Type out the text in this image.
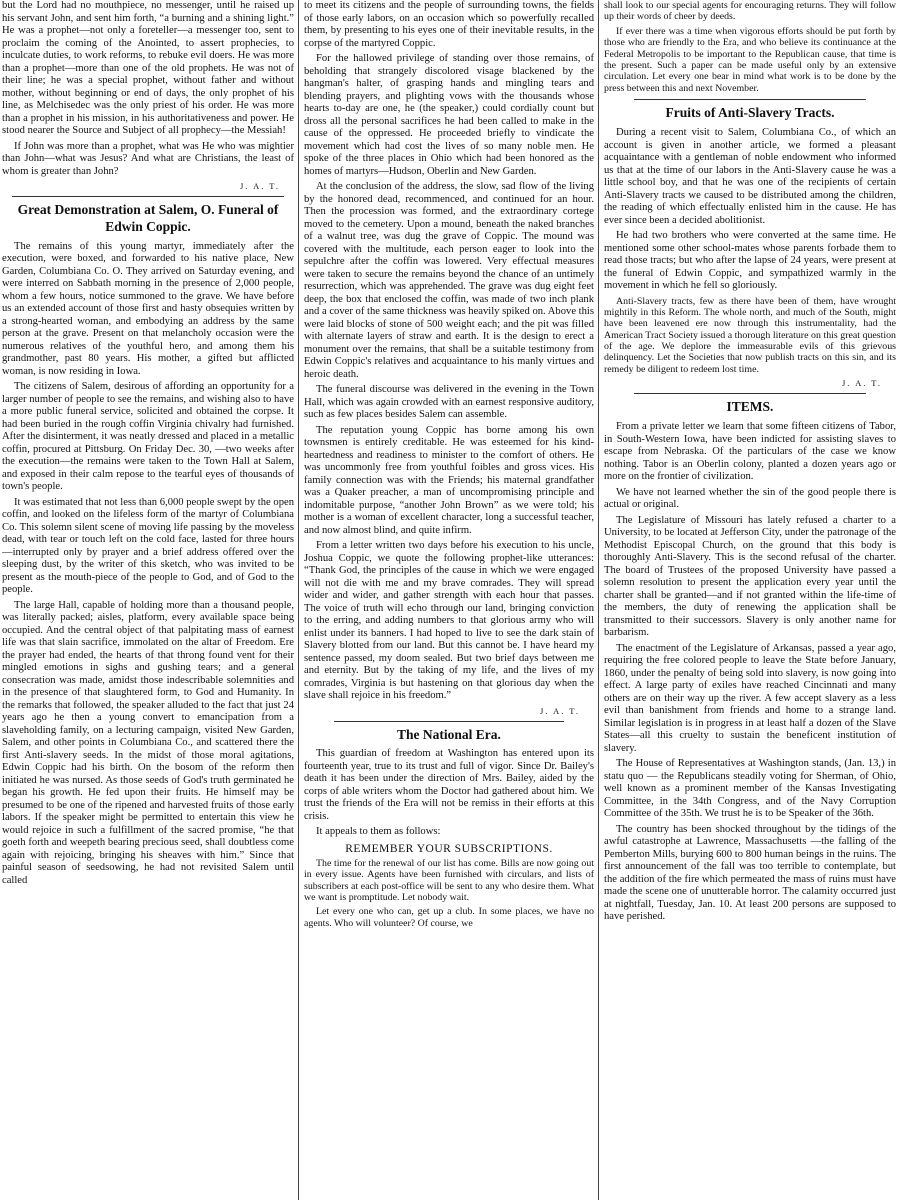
but the Lord had no mouthpiece, no messenger, until he raised up his servant John, and sent him forth, “a burning and a shining light.” He was a prophet—not only a foreteller—a messenger too, sent to proclaim the coming of the Anointed, to assert prophecies, to inculcate duties, to work reforms, to rebuke evil doers. He was more than a prophet—more than one of the old prophets. He was not of their line; he was a special prophet, without father and without mother, without beginning or end of days, the only prophet of his line, as Melchisedec was the only priest of his order. He was more than a prophet in his mission, in his authoritativeness and power. He stood nearer the Source and Subject of all prophecy—the Messiah!

If John was more than a prophet, what was He who was mightier than John—what was Jesus? And what are Christians, the least of whom is greater than John?

J. A. T.
Great Demonstration at Salem, O. Funeral of Edwin Coppic.

The remains of this young martyr, immediately after the execution, were boxed, and forwarded to his native place, New Garden, Columbiana Co. O. They arrived on Saturday evening, and were interred on Sabbath morning in the presence of 2,000 people, whom a few hours, notice summoned to the grave. We have before us an extended account of those first and hasty obsequies written by a strong-hearted woman, and embodying an address by the same person at the grave. Present on that melancholy occasion were the numerous relatives of the youthful hero, and among them his grandmother, past 80 years. His mother, a gifted but afflicted woman, is now residing in Iowa.

The citizens of Salem, desirous of affording an opportunity for a larger number of people to see the remains, and wishing also to have a more public funeral service, solicited and obtained the corpse. It had been buried in the rough coffin Virginia chivalry had furnished. After the disinterment, it was neatly dressed and placed in a metallic coffin, procured at Pittsburg. On Friday Dec. 30, —two weeks after the execution—the remains were taken to the Town Hall at Salem, and exposed in their calm repose to the tearful eyes of thousands of town's people.

It was estimated that not less than 6,000 people swept by the open coffin, and looked on the lifeless form of the martyr of Columbiana Co. This solemn silent scene of moving life passing by the moveless dead, with tear or touch left on the cold face, lasted for three hours—interrupted only by prayer and a brief address offered over the sleeping dust, by the writer of this sketch, who was invited to be present as the mouth-piece of the people to God, and of God to the people.

The large Hall, capable of holding more than a thousand people, was literally packed; aisles, platform, every available space being occupied. And the central object of that palpitating mass of earnest life was that slain sacrifice, immolated on the altar of Freedom. Ere the prayer had ended, the hearts of that throng found vent for their mingled emotions in sighs and gushing tears; and a general consecration was made, amidst those indescribable solemnities and in the presence of that slaughtered form, to God and Humanity. In the remarks that followed, the speaker alluded to the fact that just 24 years ago he then a young convert to emancipation from a slaveholding family, on a lecturing campaign, visited New Garden, Salem, and other points in Columbiana Co., and scattered there the first Anti-slavery seeds. In the midst of those moral agitations, Edwin Coppic had his birth. On the bosom of the reform then initiated he was nursed. As those seeds of God's truth germinated he began his growth. He fed upon their fruits. He himself may be presumed to be one of the ripened and harvested fruits of those early labors. If the speaker might be permitted to entertain this view he would rejoice in such a fulfillment of the sacred promise, “he that goeth forth and weepeth bearing precious seed, shall doubtless come again with rejoicing, bringing his sheaves with him.” Since that painful season of seedsowing, he had not revisited Salem until called

to meet its citizens and the people of surrounding towns, the fields of those early labors, on an occasion which so powerfully recalled them, by presenting to his eyes one of their inevitable results, in the corpse of the martyred Coppic.

For the hallowed privilege of standing over those remains, of beholding that strangely discolored visage blackened by the hangman's halter, of grasping hands and mingling tears and blending prayers, and plighting vows with the thousands whose hearts to-day are one, he (the speaker,) could cordially count but dross all the personal sacrifices he had been called to make in the cause of the oppressed. He proceeded briefly to vindicate the movement which had cost the lives of so many noble men. He spoke of the three places in Ohio which had been honored as the homes of martyrs—Hudson, Oberlin and New Garden.

At the conclusion of the address, the slow, sad flow of the living by the honored dead, recommenced, and continued for an hour. Then the procession was formed, and the extraordinary cortege moved to the cemetery. Upon a mound, beneath the naked branches of a walnut tree, was dug the grave of Coppic. The mound was covered with the multitude, each person eager to look into the sepulchre after the coffin was lowered. Very effectual measures were taken to secure the remains beyond the chance of an untimely resurrection, which was apprehended. The grave was dug eight feet deep, the box that enclosed the coffin, was made of two inch plank and a cover of the same thickness was heavily spiked on. Above this were laid blocks of stone of 500 weight each; and the pit was filled with alternate layers of straw and earth. It is the design to erect a monument over the remains, that shall be a suitable testimony from Edwin Coppic's relatives and acquaintance to his manly virtues and heroic death.

The funeral discourse was delivered in the evening in the Town Hall, which was again crowded with an earnest responsive auditory, such as few places besides Salem can assemble.

The reputation young Coppic has borne among his own townsmen is entirely creditable. He was esteemed for his kind-heartedness and readiness to minister to the comfort of others. He was uncommonly free from youthful foibles and gross vices. His family connection was with the Friends; his maternal grandfather was a Quaker preacher, a man of uncompromising principle and indomitable purpose, “another John Brown” as we were told; his mother is a woman of excellent character, long a successful teacher, and now almost blind, and quite infirm.

From a letter written two days before his execution to his uncle, Joshua Coppic, we quote the following prophet-like utterances: “Thank God, the principles of the cause in which we were engaged will not die with me and my brave comrades. They will spread wider and wider, and gather strength with each hour that passes. The voice of truth will echo through our land, bringing conviction to the erring, and adding numbers to that glorious army who will enlist under its banners. I had hoped to live to see the dark stain of Slavery blotted from our land. But this cannot be. I have heard my sentence passed, my doom sealed. But two brief days between me and eternity. But by the taking of my life, and the lives of my comrades, Virginia is but hastening on that glorious day when the slave shall rejoice in his freedom.”

J. A. T.
The National Era.

This guardian of freedom at Washington has entered upon its fourteenth year, true to its trust and full of vigor. Since Dr. Bailey's death it has been under the direction of Mrs. Bailey, aided by the corps of able writers whom the Doctor had gathered about him. We trust the friends of the Era will not be remiss in their efforts at this crisis.

It appeals to them as follows:

REMEMBER YOUR SUBSCRIPTIONS.

The time for the renewal of our list has come. Bills are now going out in every issue. Agents have been furnished with circulars, and lists of subscribers at each post-office will be sent to any who desire them. What we want is promptitude. Let nobody wait.

Let every one who can, get up a club. In some places, we have no agents. Who will volunteer? Of course, we

shall look to our special agents for encouraging returns. They will follow up their words of cheer by deeds.

If ever there was a time when vigorous efforts should be put forth by those who are friendly to the Era, and who believe its continuance at the Federal Metropolis to be important to the Republican cause, that time is the present. Such a paper can be made useful only by an extensive circulation. Let every one bear in mind what work is to be done by the press between this and next November.

Fruits of Anti-Slavery Tracts.

During a recent visit to Salem, Columbiana Co., of which an account is given in another article, we formed a pleasant acquaintance with a gentleman of noble endowment who informed us that at the time of our labors in the Anti-Slavery cause he was a little school boy, and that he was one of the recipients of certain Anti-Slavery tracts we caused to be distributed among the children, the reading of which effectually enlisted him in the cause. He has ever since been a decided abolitionist.

He had two brothers who were converted at the same time. He mentioned some other school-mates whose parents forbade them to read those tracts; but who after the lapse of 24 years, were present at the funeral of Edwin Coppic, and sympathized warmly in the movement in which he fell so gloriously.

Anti-Slavery tracts, few as there have been of them, have wrought mightily in this Reform. The whole north, and much of the South, might have been leavened ere now through this instrumentality, had the American Tract Society issued a thorough literature on this great question of the age. We deplore the immeasurable evils of this grievous delinquency. Let the Societies that now publish tracts on this sin, and its remedy be diligent to redeem lost time.

J. A. T.
ITEMS.

From a private letter we learn that some fifteen citizens of Tabor, in South-Western Iowa, have been indicted for assisting slaves to escape from Nebraska. Of the particulars of the case we know nothing. Tabor is an Oberlin colony, planted a dozen years ago or more on the frontier of civilization.

We have not learned whether the sin of the good people there is actual or original.

The Legislature of Missouri has lately refused a charter to a University, to be located at Jefferson City, under the patronage of the Methodist Episcopal Church, on the ground that this body is thoroughly Anti-Slavery. This is the second refusal of the charter. The board of Trustees of the proposed University have passed a solemn resolution to present the application every year until the charter shall be granted—and if not granted within the life-time of the members, the duty of renewing the application shall be transmitted to their successors. Slavery is only another name for barbarism.

The enactment of the Legislature of Arkansas, passed a year ago, requiring the free colored people to leave the State before January, 1860, under the penalty of being sold into slavery, is now going into effect. A large party of exiles have reached Cincinnati and many others are on their way up the river. A few accept slavery as a less evil than banishment from friends and home to a strange land. Similar legislation is in progress in at least half a dozen of the Slave States—all this cruelty to sustain the beneficent institution of slavery.

The House of Representatives at Washington stands, (Jan. 13,) in statu quo — the Republicans steadily voting for Sherman, of Ohio, well known as a prominent member of the Kansas Investigating Committee, in the 34th Congress, and of the Navy Corruption Committee of the 35th. We trust he is to be Speaker of the 36th.

The country has been shocked throughout by the tidings of the awful catastrophe at Lawrence, Massachusetts —the falling of the Pemberton Mills, burying 600 to 800 human beings in the ruins. The first announcement of the fall was too terrible to contemplate, but the addition of the fire which permeated the mass of ruins must have made the scene one of unutterable horror. The calamity occurred just at nightfall, Tuesday, Jan. 10. At least 200 persons are supposed to have perished.
